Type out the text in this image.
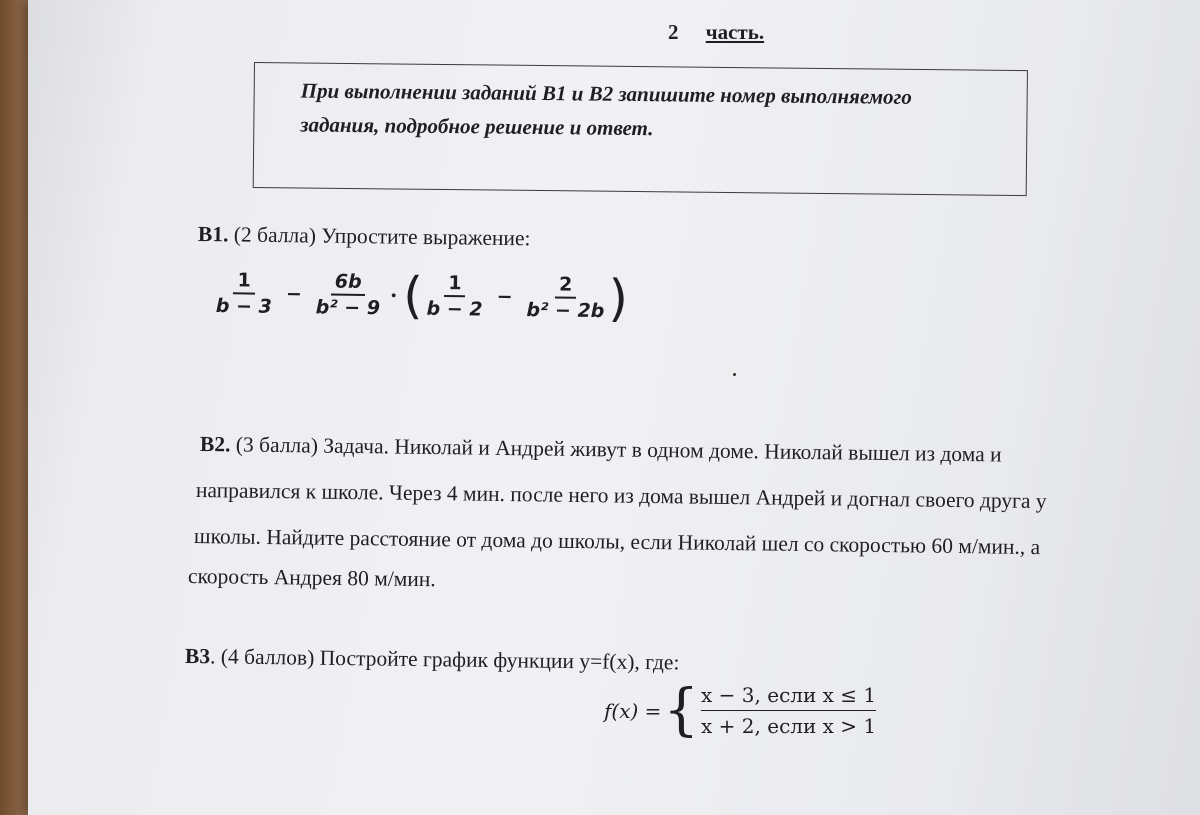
2 часть.
При выполнении заданий В1 и В2 запишите номер выполняемого
задания, подробное решение и ответ.
B1. (2 балла) Упростите выражение:
$\frac{1}{b - 3} - \frac{6b}{\text{b² − 9}}$ • ( $\frac{1}{b - 2} - \frac{2}{\text{b² − 2b}}$ )
B2. (3 балла) Задача. Николай и Андрей живут в одном доме. Николай вышел из дома и
направился к школе. Через 4 мин. после него из дома вышел Андрей и догнал своего друга у
школы. Найдите расстояние от дома до школы, если Николай шел со скоростью 60 м/мин., а
скорость Андрея 80 м/мин.
B3. (4 баллов) Постройте график функции y=f(x), где:
f(x) = { x − 3, если x ≤ 1
x + 2, если x > 1
